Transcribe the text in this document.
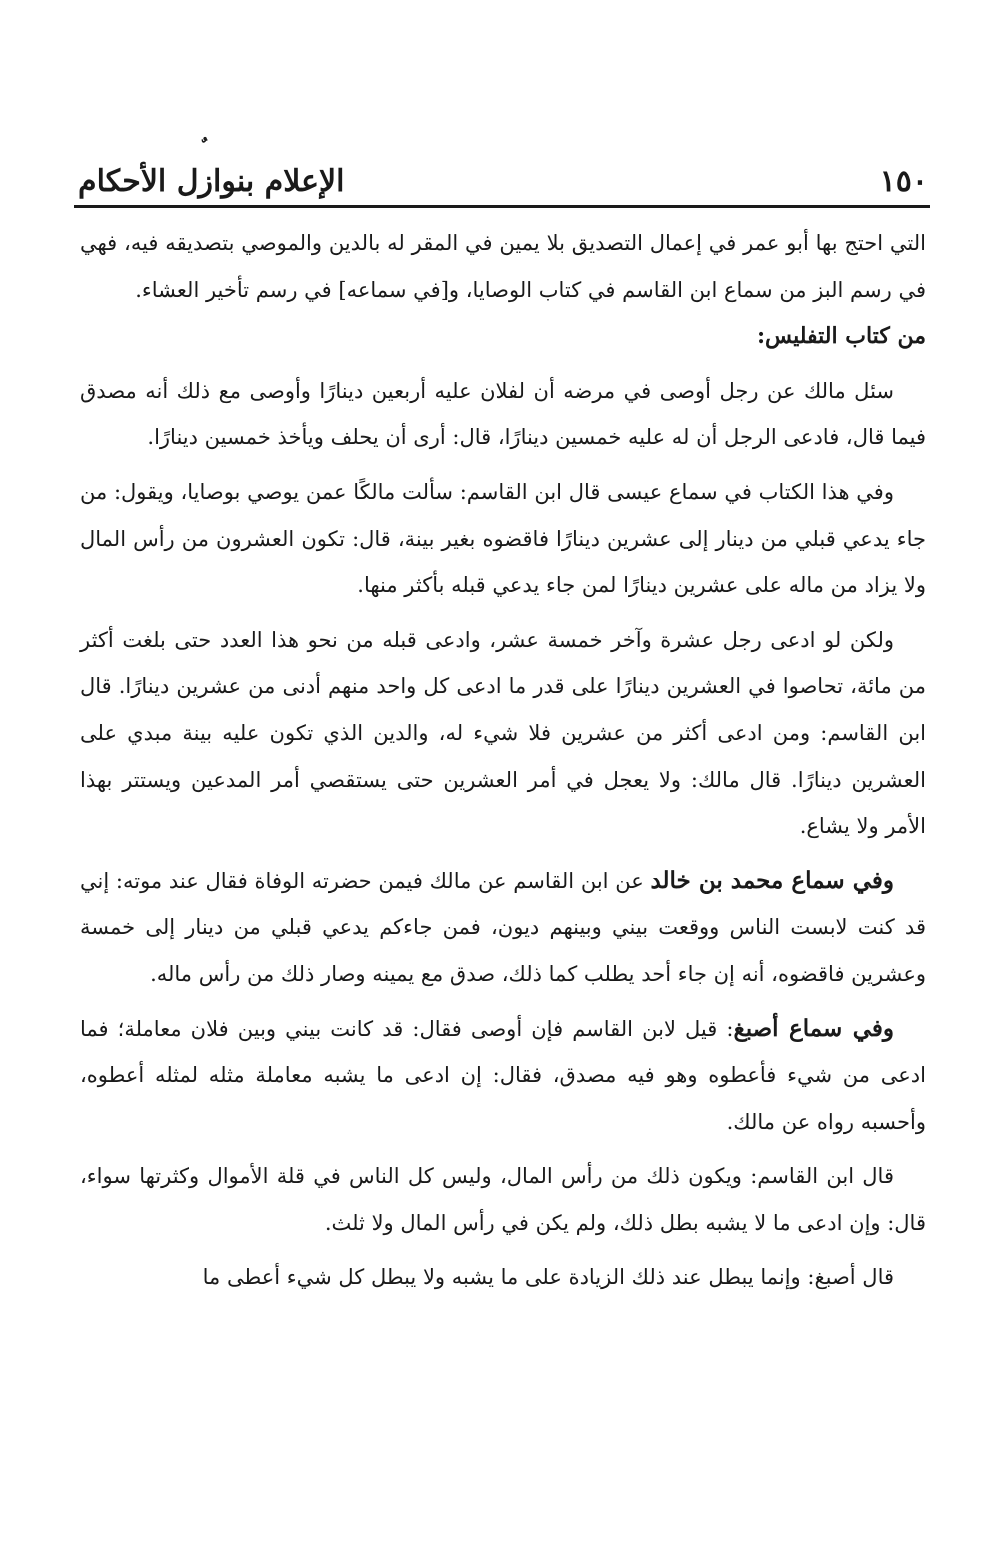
١٥٠
الإعلام بنوازل الأحكام

التي احتج بها أبو عمر في إعمال التصديق بلا يمين في المقر له بالدين والموصي بتصديقه فيه، فهي في رسم البز من سماع ابن القاسم في كتاب الوصايا، و[في سماعه] في رسم تأخير العشاء.

من كتاب التفليس:

سئل مالك عن رجل أوصى في مرضه أن لفلان عليه أربعين دينارًا وأوصى مع ذلك أنه مصدق فيما قال، فادعى الرجل أن له عليه خمسين دينارًا، قال: أرى أن يحلف ويأخذ خمسين دينارًا.

وفي هذا الكتاب في سماع عيسى قال ابن القاسم: سألت مالكًا عمن يوصي بوصايا، ويقول: من جاء يدعي قبلي من دينار إلى عشرين دينارًا فاقضوه بغير بينة، قال: تكون العشرون من رأس المال ولا يزاد من ماله على عشرين دينارًا لمن جاء يدعي قبله بأكثر منها.

ولكن لو ادعى رجل عشرة وآخر خمسة عشر، وادعى قبله من نحو هذا العدد حتى بلغت أكثر من مائة، تحاصوا في العشرين دينارًا على قدر ما ادعى كل واحد منهم أدنى من عشرين دينارًا. قال ابن القاسم: ومن ادعى أكثر من عشرين فلا شيء له، والدين الذي تكون عليه بينة مبدي على العشرين دينارًا. قال مالك: ولا يعجل في أمر العشرين حتى يستقصي أمر المدعين ويستتر بهذا الأمر ولا يشاع.

وفي سماع محمد بن خالد عن ابن القاسم عن مالك فيمن حضرته الوفاة فقال عند موته: إني قد كنت لابست الناس ووقعت بيني وبينهم ديون، فمن جاءكم يدعي قبلي من دينار إلى خمسة وعشرين فاقضوه، أنه إن جاء أحد يطلب كما ذلك، صدق مع يمينه وصار ذلك من رأس ماله.

وفي سماع أصبغ: قيل لابن القاسم فإن أوصى فقال: قد كانت بيني وبين فلان معاملة؛ فما ادعى من شيء فأعطوه وهو فيه مصدق، فقال: إن ادعى ما يشبه معاملة مثله لمثله أعطوه، وأحسبه رواه عن مالك.

قال ابن القاسم: ويكون ذلك من رأس المال، وليس كل الناس في قلة الأموال وكثرتها سواء، قال: وإن ادعى ما لا يشبه بطل ذلك، ولم يكن في رأس المال ولا ثلث.

قال أصبغ: وإنما يبطل عند ذلك الزيادة على ما يشبه ولا يبطل كل شيء أعطى ما
